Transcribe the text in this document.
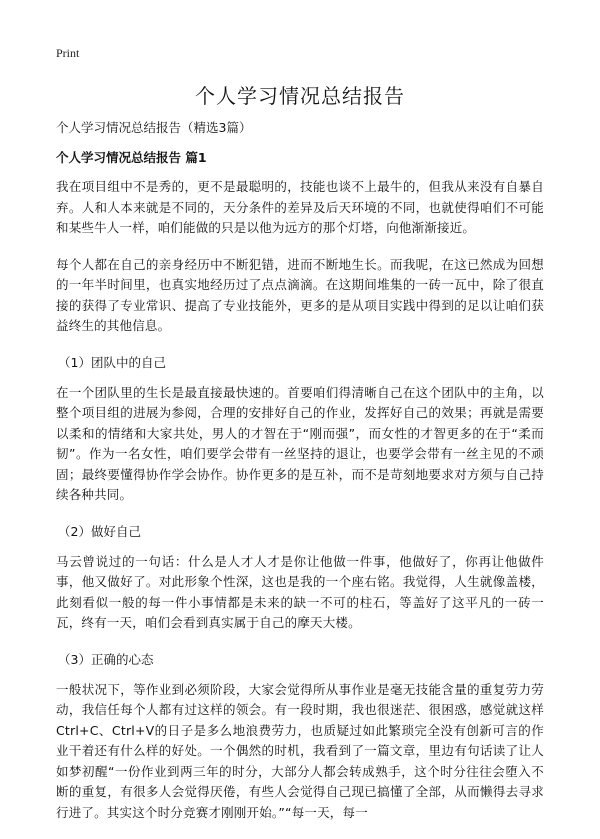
Print
个人学习情况总结报告

个人学习情况总结报告（精选3篇）

个人学习情况总结报告 篇1

我在项目组中不是秀的，更不是最聪明的，技能也谈不上最牛的，但我从来没有自暴自弃。人和人本来就是不同的，天分条件的差异及后天环境的不同，也就使得咱们不可能和某些牛人一样，咱们能做的只是以他为远方的那个灯塔，向他渐渐接近。

每个人都在自己的亲身经历中不断犯错，进而不断地生长。而我呢，在这已然成为回想的一年半时间里，也真实地经历过了点点滴滴。在这期间堆集的一砖一瓦中，除了很直接的获得了专业常识、提高了专业技能外，更多的是从项目实践中得到的足以让咱们获益终生的其他信息。

（1）团队中的自己

在一个团队里的生长是最直接最快速的。首要咱们得清晰自己在这个团队中的主角，以整个项目组的进展为参阅，合理的安排好自己的作业，发挥好自己的效果；再就是需要以柔和的情绪和大家共处，男人的才智在于“刚而强”，而女性的才智更多的在于“柔而韧”。作为一名女性，咱们要学会带有一丝坚持的退让，也要学会带有一丝主见的不顽固；最终要懂得协作学会协作。协作更多的是互补，而不是苛刻地要求对方须与自己持续各种共同。

（2）做好自己

马云曾说过的一句话：什么是人才人才是你让他做一件事，他做好了，你再让他做件事，他又做好了。对此形象个性深，这也是我的一个座右铭。我觉得，人生就像盖楼，此刻看似一般的每一件小事情都是未来的缺一不可的柱石，等盖好了这平凡的一砖一瓦，终有一天，咱们会看到真实属于自己的摩天大楼。

（3）正确的心态

一般状况下，等作业到必须阶段，大家会觉得所从事作业是毫无技能含量的重复劳力劳动，我信任每个人都有过这样的领会。有一段时期，我也很迷茫、很困惑，感觉就这样Ctrl+C、Ctrl+V的日子是多么地浪费劳力，也质疑过如此繁琐完全没有创新可言的作业干着还有什么样的好处。一个偶然的时机，我看到了一篇文章，里边有句话读了让人如梦初醒“一份作业到两三年的时分，大部分人都会转成熟手，这个时分往往会堕入不断的重复，有很多人会觉得厌倦，有些人会觉得自己现已搞懂了全部，从而懒得去寻求行进了。其实这个时分竞赛才刚刚开始。”“每一天，每一
